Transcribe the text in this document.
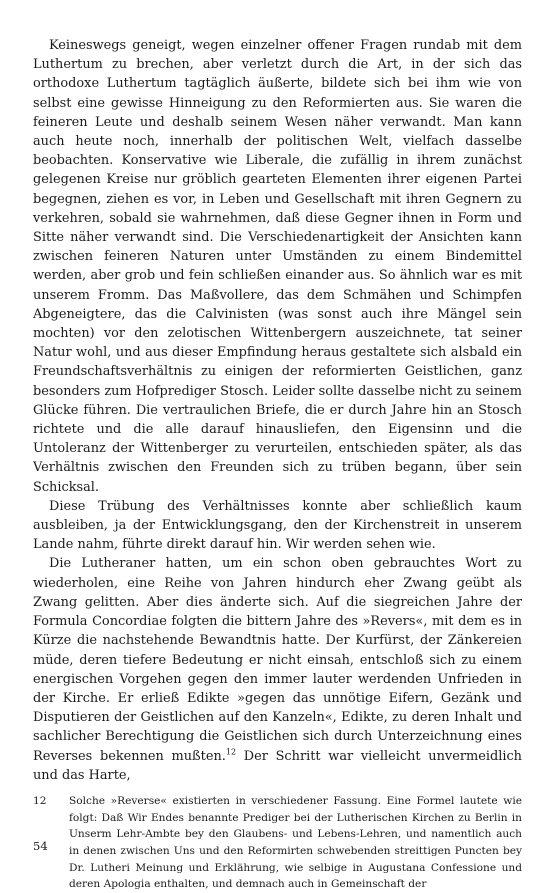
Keineswegs geneigt, wegen einzelner offener Fragen rundab mit dem Luthertum zu brechen, aber verletzt durch die Art, in der sich das orthodoxe Luthertum tagtäglich äußerte, bildete sich bei ihm wie von selbst eine gewisse Hinneigung zu den Reformierten aus. Sie waren die feineren Leute und deshalb seinem Wesen näher verwandt. Man kann auch heute noch, innerhalb der politischen Welt, vielfach dasselbe beobachten. Konservative wie Liberale, die zufällig in ihrem zunächst gelegenen Kreise nur gröblich gearteten Elementen ihrer eigenen Partei begegnen, ziehen es vor, in Leben und Gesellschaft mit ihren Gegnern zu verkehren, sobald sie wahrnehmen, daß diese Gegner ihnen in Form und Sitte näher verwandt sind. Die Verschiedenartigkeit der Ansichten kann zwischen feineren Naturen unter Umständen zu einem Bindemittel werden, aber grob und fein schließen einander aus. So ähnlich war es mit unserem Fromm. Das Maßvollere, das dem Schmähen und Schimpfen Abgeneigtere, das die Calvinisten (was sonst auch ihre Mängel sein mochten) vor den zelotischen Wittenbergern auszeichnete, tat seiner Natur wohl, und aus dieser Empfindung heraus gestaltete sich alsbald ein Freundschaftsverhältnis zu einigen der reformierten Geistlichen, ganz besonders zum Hofprediger Stosch. Leider sollte dasselbe nicht zu seinem Glücke führen. Die vertraulichen Briefe, die er durch Jahre hin an Stosch richtete und die alle darauf hinausliefen, den Eigensinn und die Untoleranz der Wittenberger zu verurteilen, entschieden später, als das Verhältnis zwischen den Freunden sich zu trüben begann, über sein Schicksal.

Diese Trübung des Verhältnisses konnte aber schließlich kaum ausbleiben, ja der Entwicklungsgang, den der Kirchenstreit in unserem Lande nahm, führte direkt darauf hin. Wir werden sehen wie.

Die Lutheraner hatten, um ein schon oben gebrauchtes Wort zu wiederholen, eine Reihe von Jahren hindurch eher Zwang geübt als Zwang gelitten. Aber dies änderte sich. Auf die siegreichen Jahre der Formula Concordiae folgten die bittern Jahre des »Revers«, mit dem es in Kürze die nachstehende Bewandtnis hatte. Der Kurfürst, der Zänkereien müde, deren tiefere Bedeutung er nicht einsah, entschloß sich zu einem energischen Vorgehen gegen den immer lauter werdenden Unfrieden in der Kirche. Er erließ Edikte »gegen das unnötige Eifern, Gezänk und Disputieren der Geistlichen auf den Kanzeln«, Edikte, zu deren Inhalt und sachlicher Berechtigung die Geistlichen sich durch Unterzeichnung eines Reverses bekennen mußten.$^{12}$ Der Schritt war vielleicht unvermeidlich und das Harte,

12	Solche »Reverse« existierten in verschiedener Fassung. Eine Formel lautete wie folgt: Daß Wir Endes benannte Prediger bei der Lutherischen Kirchen zu Berlin in Unserm Lehr-Ambte bey den Glaubens- und Lebens-Lehren, und namentlich auch in denen zwischen Uns und den Reformirten schwebenden streittigen Puncten bey Dr. Lutheri Meinung und Erklährung, wie selbige in Augustana Confessione und deren Apologia enthalten, und demnach auch in Gemeinschaft der
54
